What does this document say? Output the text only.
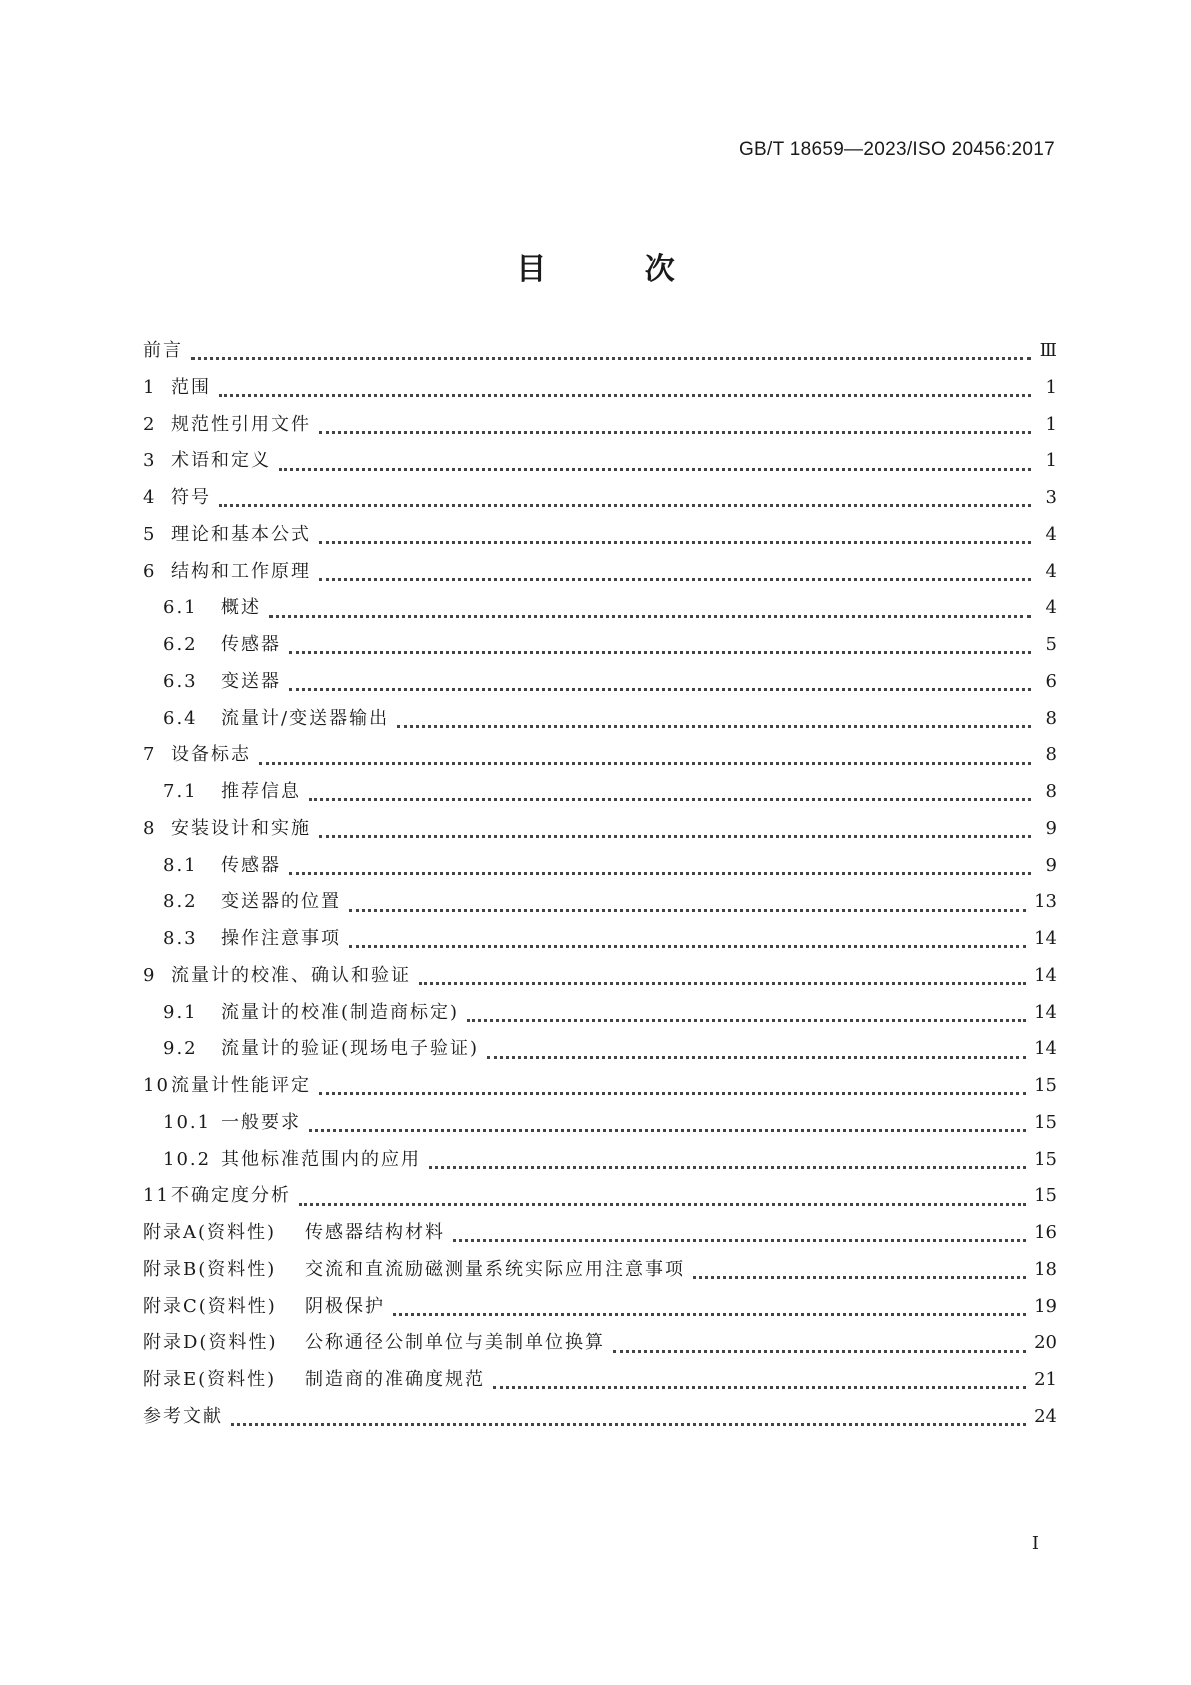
GB/T 18659—2023/ISO 20456:2017
目 次
前言	Ⅲ
1 范围	1
2 规范性引用文件	1
3 术语和定义	1
4 符号	3
5 理论和基本公式	4
6 结构和工作原理	4
6.1	概述	4
6.2	传感器	5
6.3	变送器	6
6.4	流量计/变送器输出	8
7 设备标志	8
7.1	推荐信息	8
8 安装设计和实施	9
8.1	传感器	9
8.2	变送器的位置	13
8.3	操作注意事项	14
9 流量计的校准、确认和验证	14
9.1	流量计的校准(制造商标定)	14
9.2	流量计的验证(现场电子验证)	14
10 流量计性能评定	15
10.1 一般要求	15
10.2 其他标准范围内的应用	15
11 不确定度分析	15
附录A(资料性)	传感器结构材料	16
附录B(资料性)	交流和直流励磁测量系统实际应用注意事项	18
附录C(资料性)	阴极保护	19
附录D(资料性)	公称通径公制单位与美制单位换算	20
附录E(资料性)	制造商的准确度规范	21
参考文献	24
I
